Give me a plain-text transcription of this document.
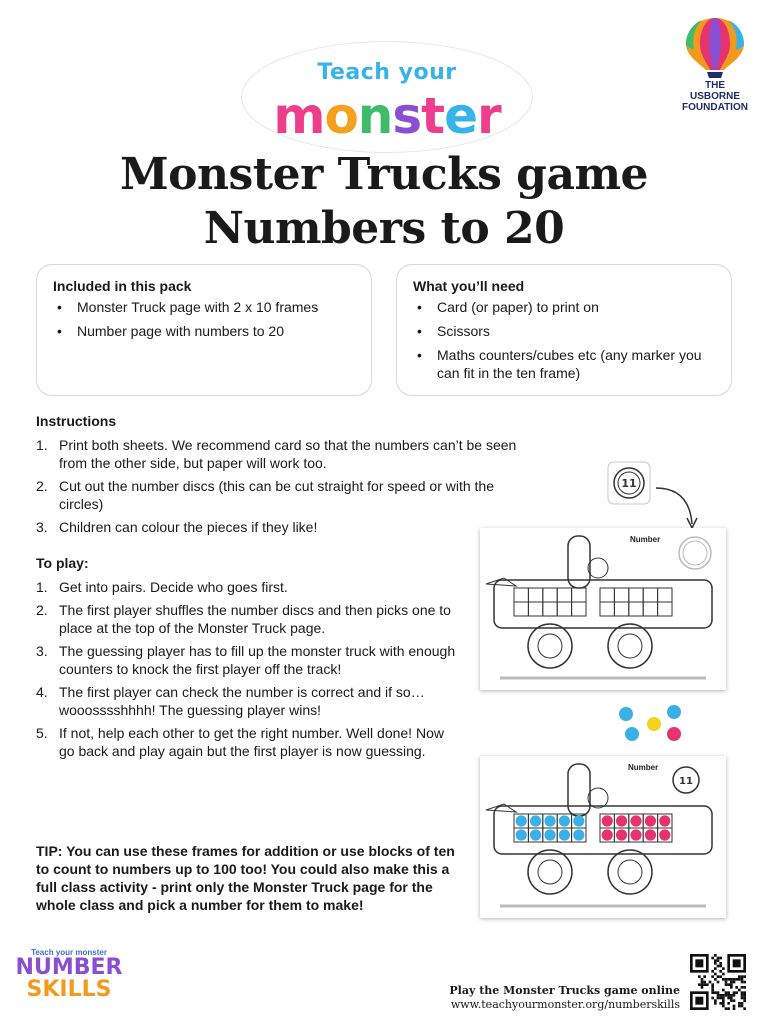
Teach your
monster
THE
USBORNE
FOUNDATION
Monster Trucks game
Numbers to 20
Included in this pack
• Monster Truck page with 2 x 10 frames
• Number page with numbers to 20
What you’ll need
• Card (or paper) to print on
• Scissors
• Maths counters/cubes etc (any marker you can fit in the ten frame)
Instructions
1. Print both sheets. We recommend card so that the numbers can’t be seen from the other side, but paper will work too.
2. Cut out the number discs (this can be cut straight for speed or with the circles)
3. Children can colour the pieces if they like!
To play:
1. Get into pairs. Decide who goes first.
2. The first player shuffles the number discs and then picks one to place at the top of the Monster Truck page.
3. The guessing player has to fill up the monster truck with enough counters to knock the first player off the track!
4. The first player can check the number is correct and if so… wooosssshhhh! The guessing player wins!
5. If not, help each other to get the right number. Well done! Now go back and play again but the first player is now guessing.
TIP: You can use these frames for addition or use blocks of ten to count to numbers up to 100 too! You could also make this a full class activity - print only the Monster Truck page for the whole class and pick a number for them to make!
11
Number
Number
11
Teach your monster
NUMBER
SKILLS	Play the Monster Trucks game online
www.teachyourmonster.org/numberskills
